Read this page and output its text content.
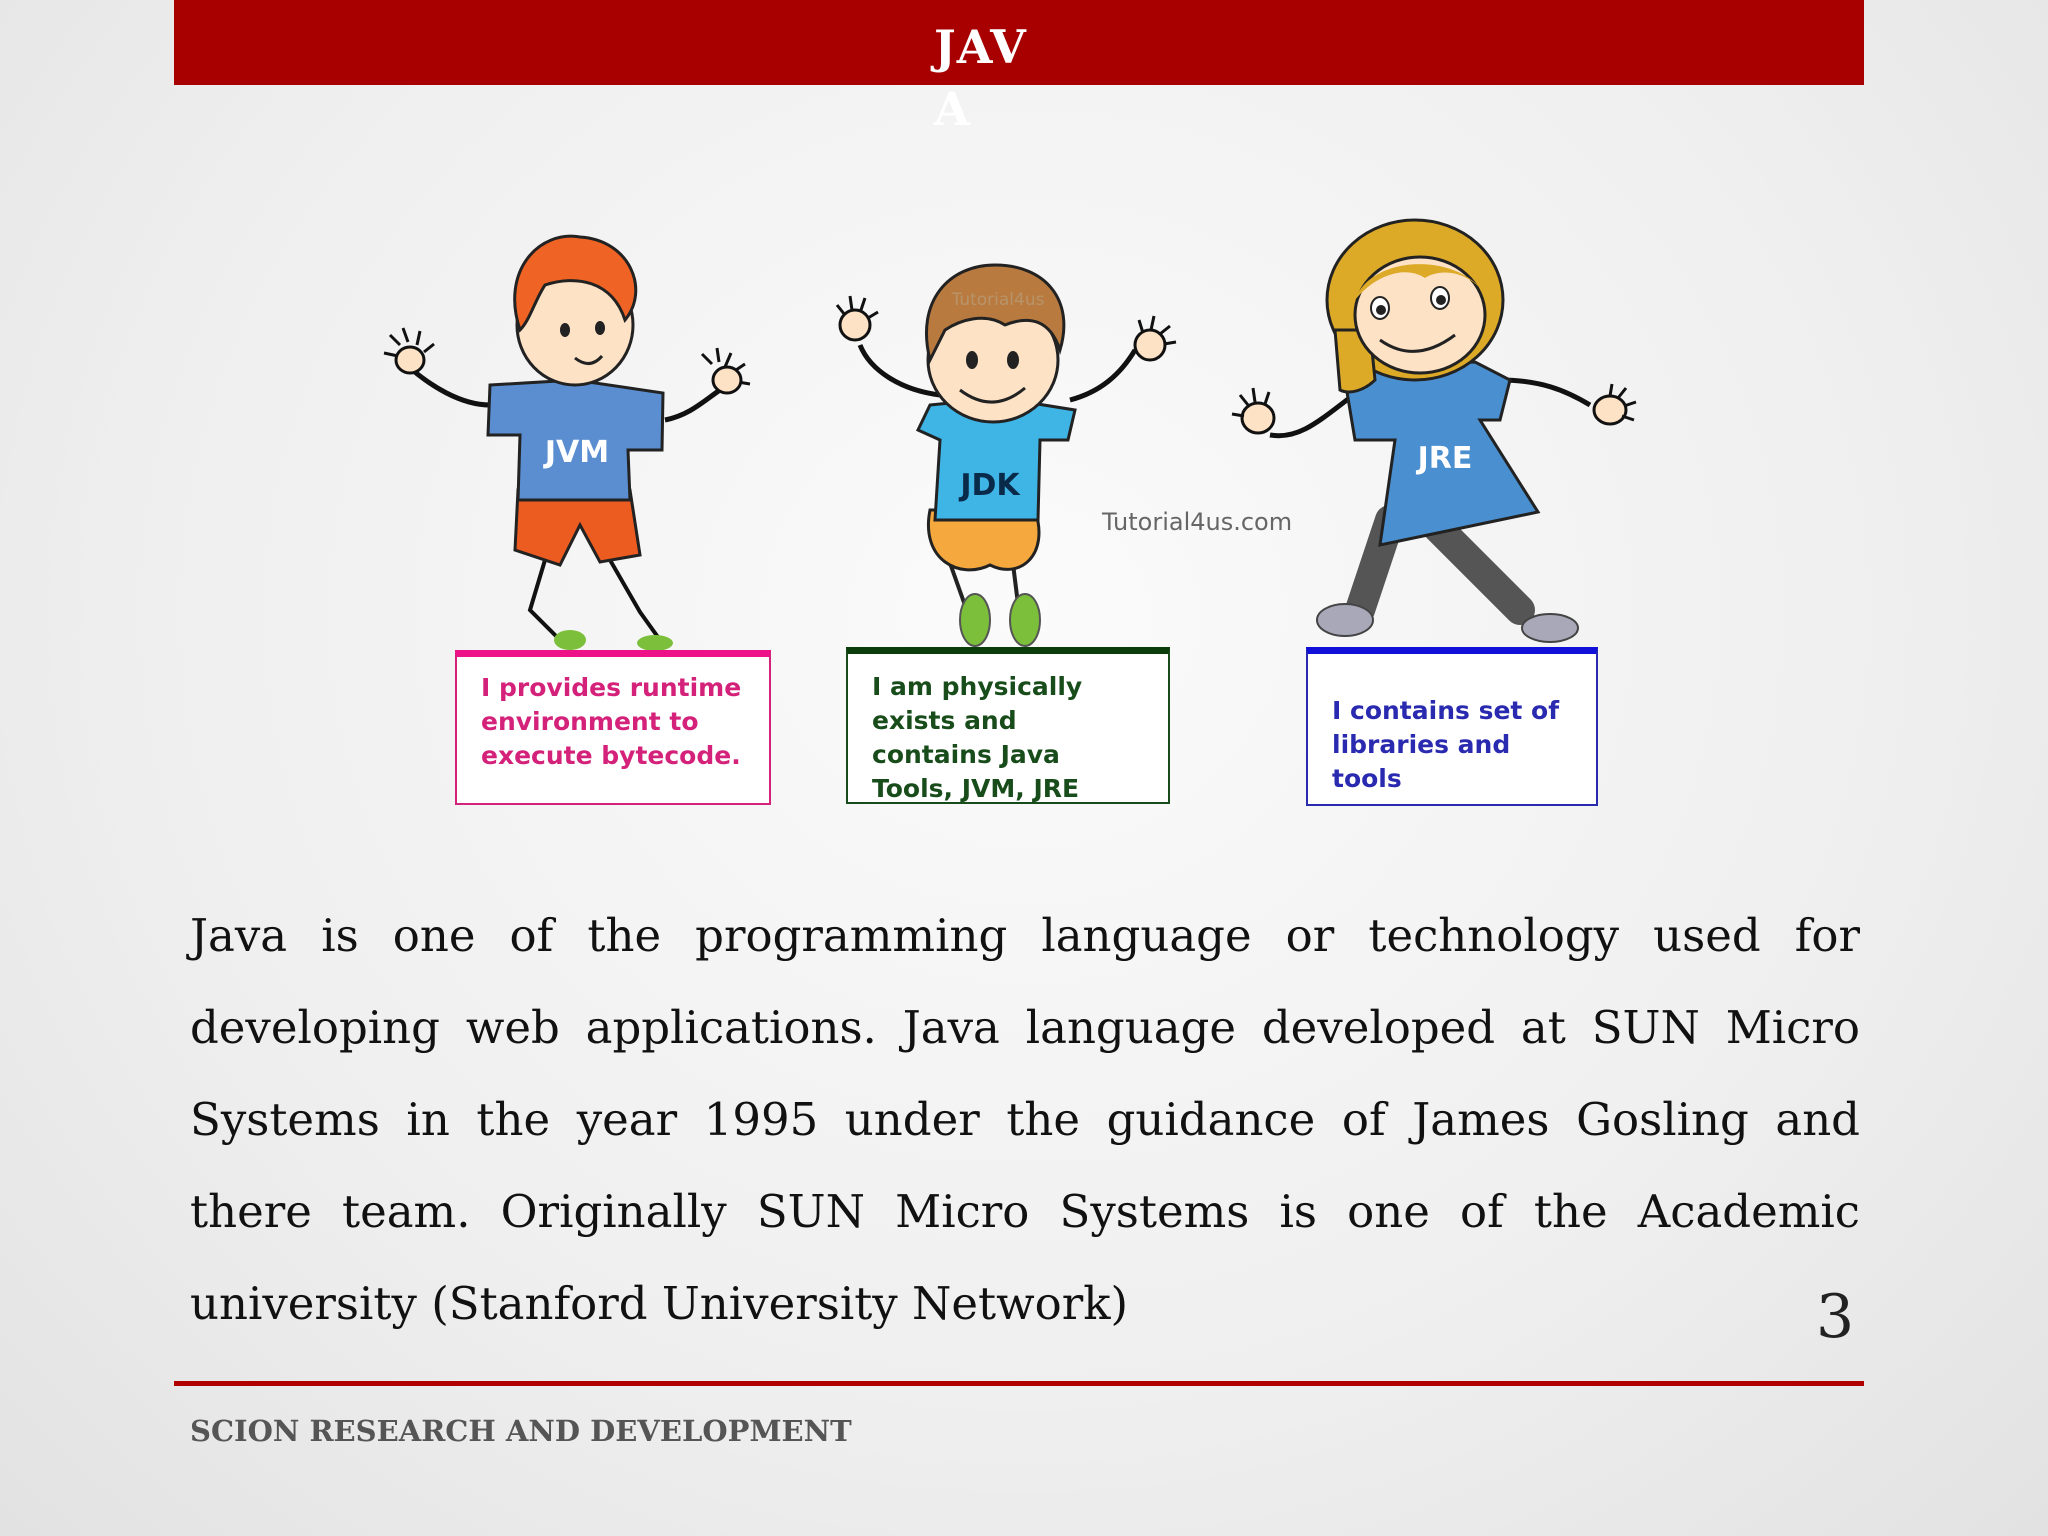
JAVA
JVM
JDK
Tutorial4us
JRE
Tutorial4us.com
I provides runtime environment to execute bytecode.
I am physically exists and contains Java Tools, JVM, JRE
I contains set of libraries and tools

Java is one of the programming language or technology used for developing web applications. Java language developed at SUN Micro Systems in the year 1995 under the guidance of James Gosling and there team. Originally SUN Micro Systems is one of the Academic university (Stanford University Network)	3
SCION RESEARCH AND DEVELOPMENT
